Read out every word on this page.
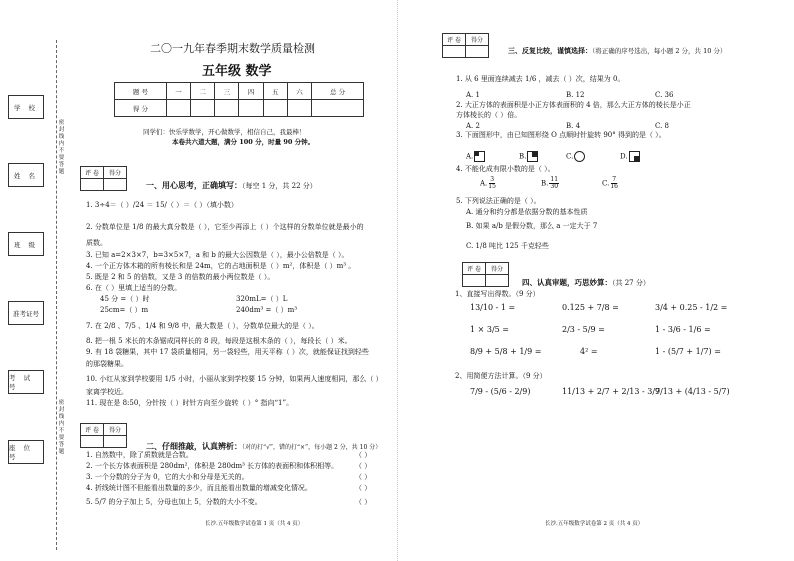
学 校
姓 名
班 级
准考证号
考 试 号
座 位 号
密封线内不要答题
密封线内不要答题
二〇一九年春季期末数学质量检测
五年级 数学
题 号	一	二	三	四	五	六	总 分
得 分							
同学们：快乐学数学，开心做数学，相信自己，我最棒！
本卷共六道大题，满分 100 分，时量 90 分钟。
评 卷	得分

一、用心思考，正确填写：（每空 1 分，共 22 分）
1. 3÷4＝（ ）/24 ＝ 15/（ ）＝（ ）（填小数）
2. 分数单位是 1/8 的最大真分数是（ ），它至少再添上（ ）个这样的分数单位就是最小的
质数。
3. 已知 a=2×3×7，b=3×5×7，a 和 b 的最大公因数是（ ），最小公倍数是（ ）。
4. 一个正方体木箱的所有棱长和是 24m，它的占地面积是（ ）m²，体积是（ ）m³ 。
5. 既是 2 和 5 的倍数，又是 3 的倍数的最小两位数是（ ）。
6. 在（ ）里填上适当的分数。
45 分 =（ ）时	320mL=（ ）L
25cm=（ ）m	240dm³ =（ ）m³
7. 在 2/8 、7/5 、1/4 和 9/8 中，最大数是（ ），分数单位最大的是（ ）。
8. 把一根 5 米长的木条锯成同样长的 8 段，每段是这根木条的（ ），每段长（ ）米。
9. 有 18 袋糖果，其中 17 袋质量相同，另一袋轻些，用天平称（ ）次，就能保证找到轻些
的那袋糖果。
10. 小红从家到学校要用 1/5 小时，小丽从家到学校要 15 分钟，如果两人速度相同，那么（ ）
家离学校近。
11. 现在是 8:50，分针按（ ）时针方向至少旋转（ ）° 指向“1”。
评 卷	得分

二、仔细推敲，认真辨析：（对的打“√”，错的打“×”，每小题 2 分，共 10 分）
1. 自然数中，除了质数就是合数。
2. 一个长方体表面积是 280dm²，体积是 280dm³ 长方体的表面积和体积相等。
3. 一个分数的分子为 0，它的大小和分母是无关的。
4. 折线统计图不但能看出数量的多少，而且能看出数量的增减变化情况。
5. 5/7 的分子加上 5，分母也加上 5，分数的大小不变。
（ ）
（ ）
（ ）
（ ）
（ ）
长沙.五年级数学试卷第 1 页（共 4 页）
评 卷	得分

三、反复比较，谨慎选择：（将正确的序号选出，每小题 2 分，共 10 分）
1. 从 6 里面连续减去 1/6 ，减去（ ）次，结果为 0。
A. 1	B. 12	C. 36
2. 大正方体的表面积是小正方体表面积的 4 倍，那么大正方体的棱长是小正
方体棱长的（ ）倍。
A. 2	B. 4	C. 8
3. 下面图形中，由已知图形绕 O 点顺时针旋转 90° 得到的是（ ）。
A.	B.	C.	D.
4. 不能化成有限小数的是（ ）。
A. $\frac{3}{15}$	B. $\frac{11}{30}$	C. $\frac{7}{16}$
5. 下列说法正确的是（ ）。
A. 通分和约分都是依据分数的基本性质
B. 如果 a/b 是假分数，那么 a 一定大于 7
C. 1/8 吨比 125 千克轻些
评 卷	得分

四、认真审题，巧思妙算：（共 27 分）
1、直接写出得数。（9 分）
13/10 - 1 =	0.125 + 7/8 =	3/4 + 0.25 - 1/2 =
1 × 3/5 =	2/3 - 5/9 =	1 - 3/6 - 1/6 =
8/9 + 5/8 + 1/9 =	4² =	1 - (5/7 + 1/7) =
2、用简便方法计算。（9 分）
7/9 - (5/6 - 2/9)	11/13 + 2/7 + 2/13 - 3/7
9/13 + (4/13 - 5/7)
长沙.五年级数学试卷第 2 页（共 4 页）
